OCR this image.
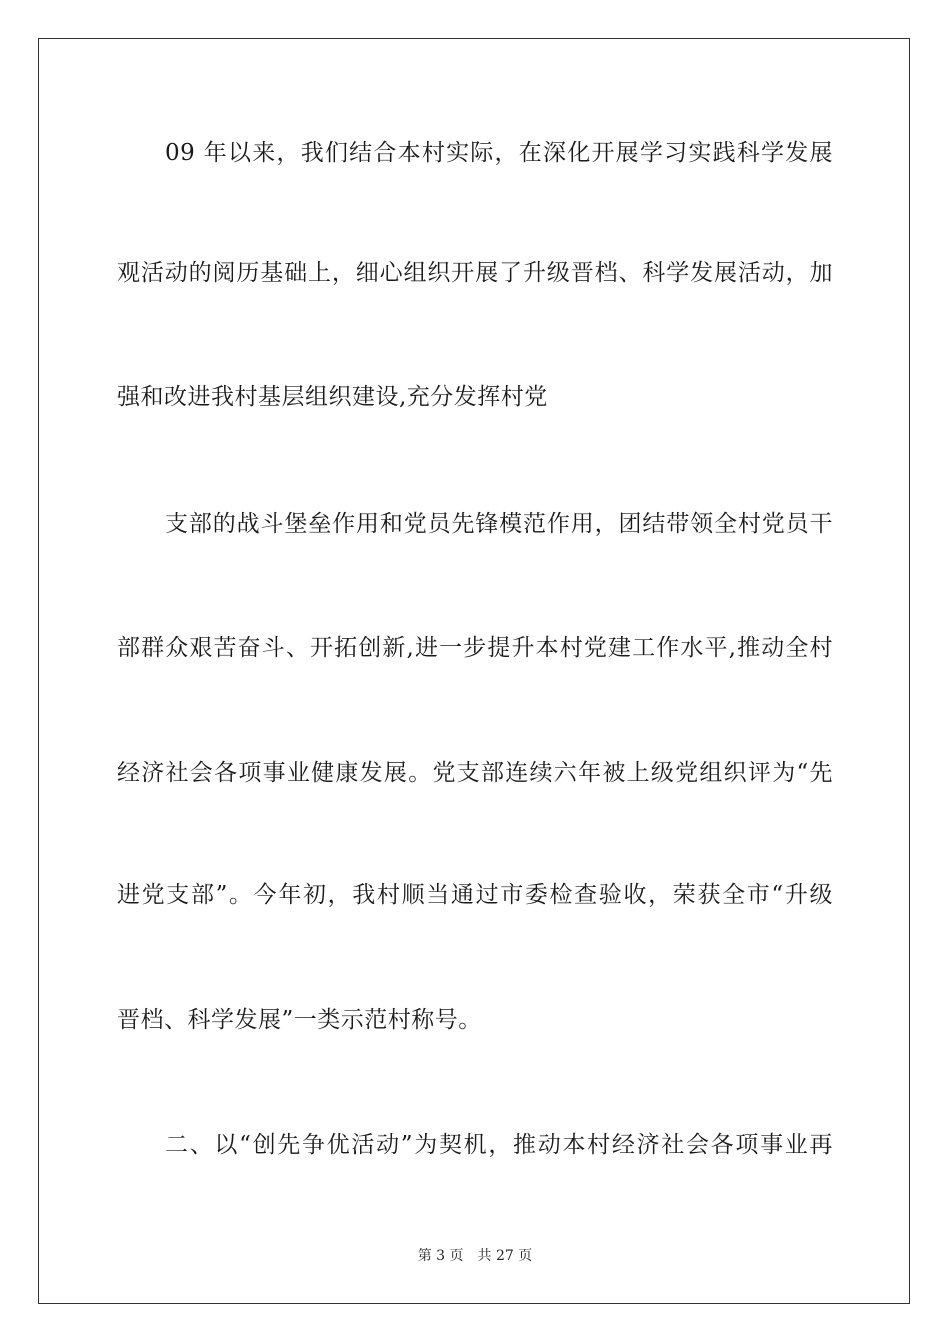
09 年以来，我们结合本村实际，在深化开展学习实践科学发展
观活动的阅历基础上，细心组织开展了升级晋档、科学发展活动，加
强和改进我村基层组织建设,充分发挥村党
支部的战斗堡垒作用和党员先锋模范作用，团结带领全村党员干
部群众艰苦奋斗、开拓创新,进一步提升本村党建工作水平,推动全村
经济社会各项事业健康发展。党支部连续六年被上级党组织评为“先
进党支部”。今年初，我村顺当通过市委检查验收，荣获全市“升级
晋档、科学发展”一类示范村称号。
二、以“创先争优活动”为契机，推动本村经济社会各项事业再
第 3 页 共 27 页
